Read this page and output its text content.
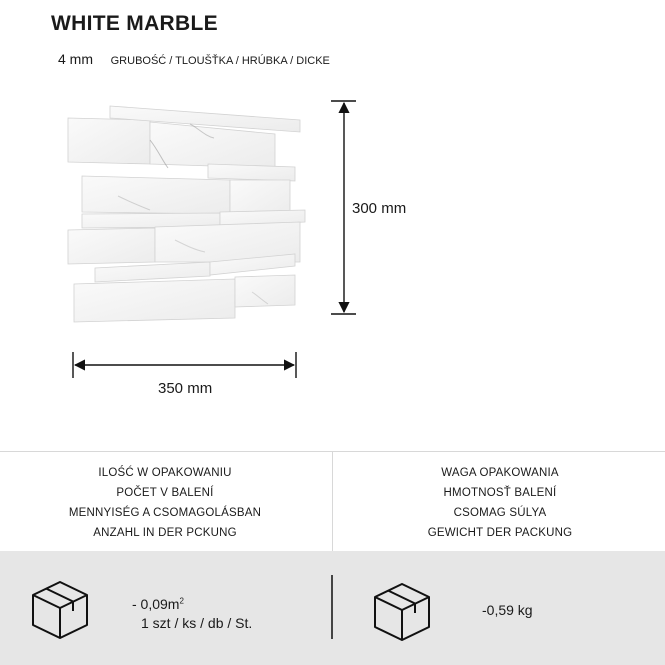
WHITE MARBLE
4 mm GRUBOŚĆ / TLOUŠŤKA / HRÚBKA / DICKE
350 mm
300 mm
ILOŚĆ W OPAKOWANIU
POČET V BALENÍ
MENNYISÉG A CSOMAGOLÁSBAN
ANZAHL IN DER PCKUNG
WAGA OPAKOWANIA
HMOTNOSŤ BALENÍ
CSOMAG SÚLYA
GEWICHT DER PACKUNG
- $0,09m^2$
1 szt / ks / db / St.
-0,59 kg
